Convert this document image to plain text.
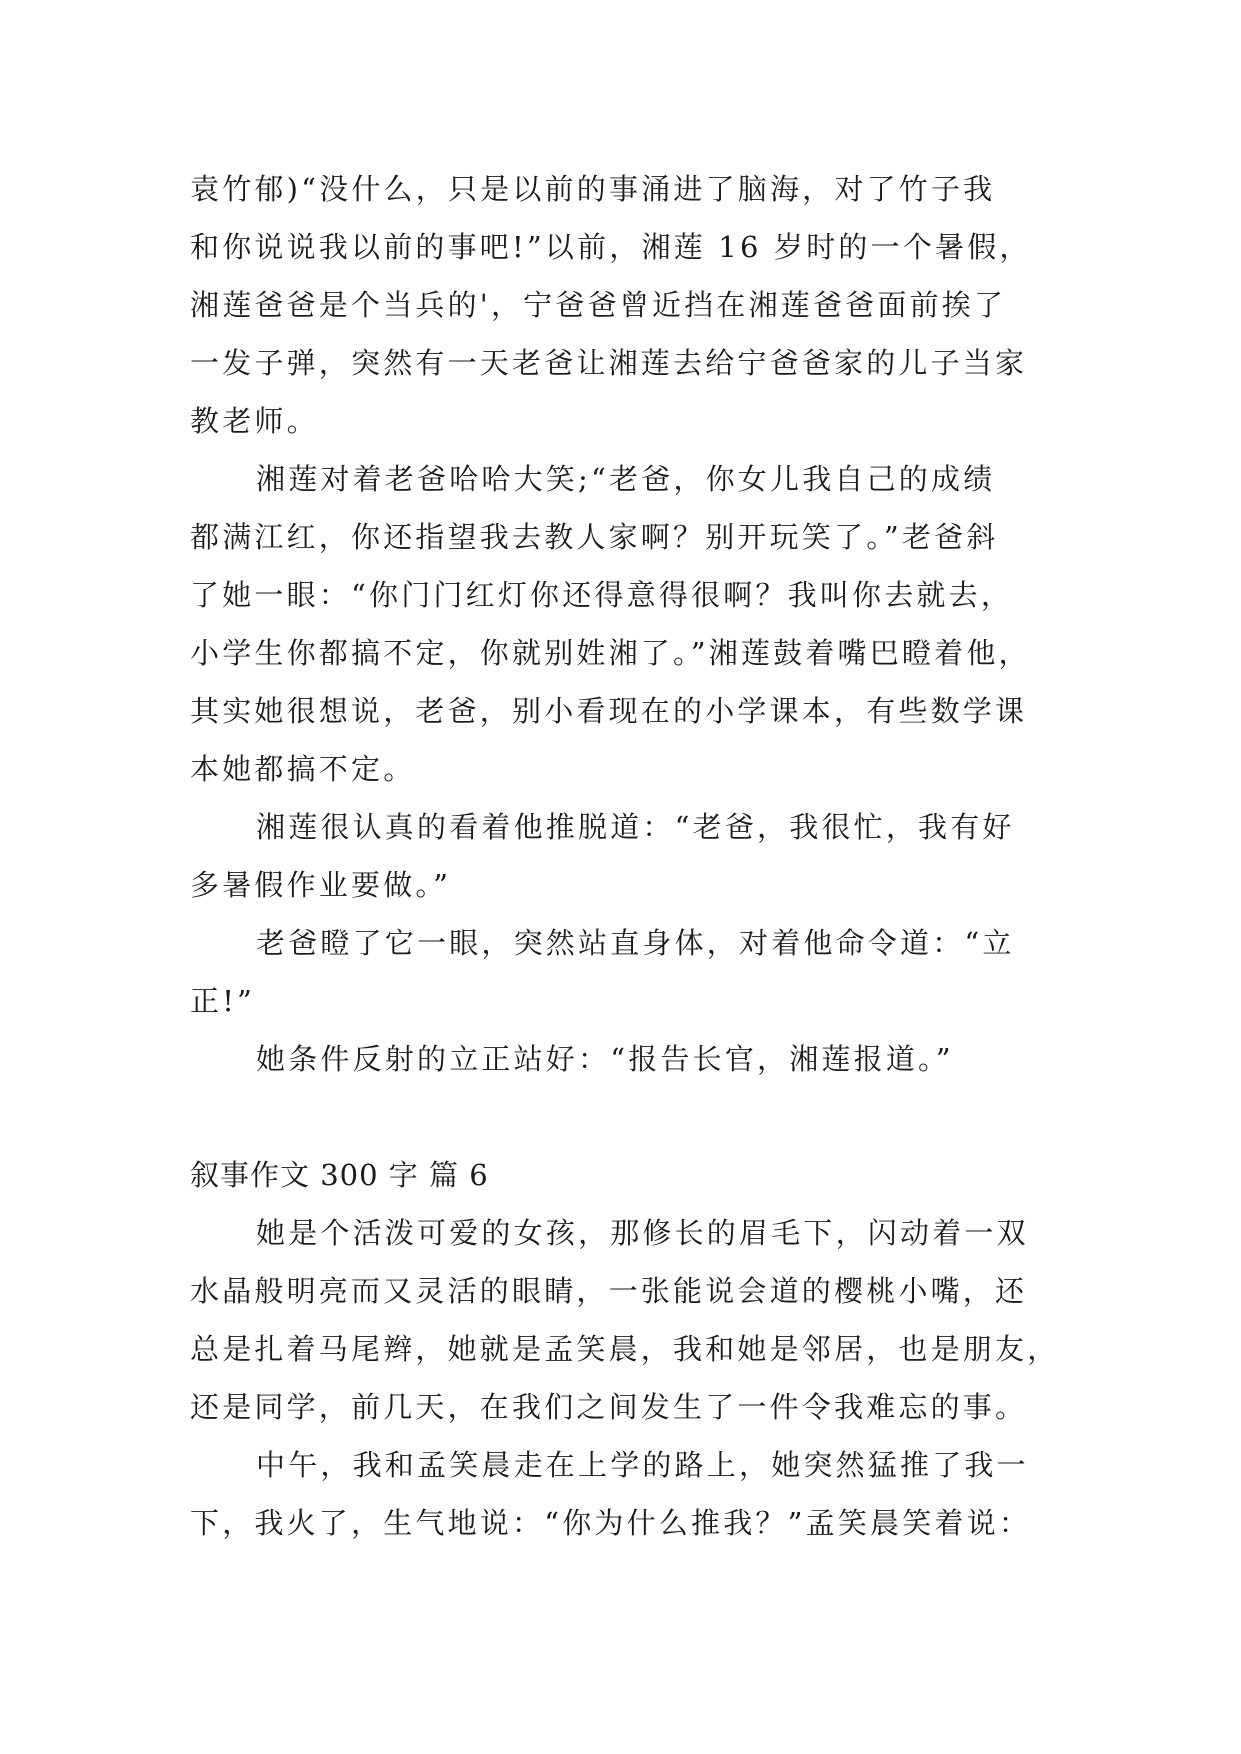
袁竹郁)“没什么，只是以前的事涌进了脑海，对了竹子我
和你说说我以前的事吧!”以前，湘莲 16 岁时的一个暑假，
湘莲爸爸是个当兵的'，宁爸爸曾近挡在湘莲爸爸面前挨了
一发子弹，突然有一天老爸让湘莲去给宁爸爸家的儿子当家
教老师。
湘莲对着老爸哈哈大笑;“老爸，你女儿我自己的成绩
都满江红，你还指望我去教人家啊？别开玩笑了。”老爸斜
了她一眼：“你门门红灯你还得意得很啊？我叫你去就去，
小学生你都搞不定，你就别姓湘了。”湘莲鼓着嘴巴瞪着他，
其实她很想说，老爸，别小看现在的小学课本，有些数学课
本她都搞不定。
湘莲很认真的看着他推脱道：“老爸，我很忙，我有好
多暑假作业要做。”
老爸瞪了它一眼，突然站直身体，对着他命令道：“立
正!”
她条件反射的立正站好：“报告长官，湘莲报道。”
叙事作文 300 字 篇 6
她是个活泼可爱的女孩，那修长的眉毛下，闪动着一双
水晶般明亮而又灵活的眼睛，一张能说会道的樱桃小嘴，还
总是扎着马尾辫，她就是孟笑晨，我和她是邻居，也是朋友，
还是同学，前几天，在我们之间发生了一件令我难忘的事。
中午，我和孟笑晨走在上学的路上，她突然猛推了我一
下，我火了，生气地说：“你为什么推我？”孟笑晨笑着说：
